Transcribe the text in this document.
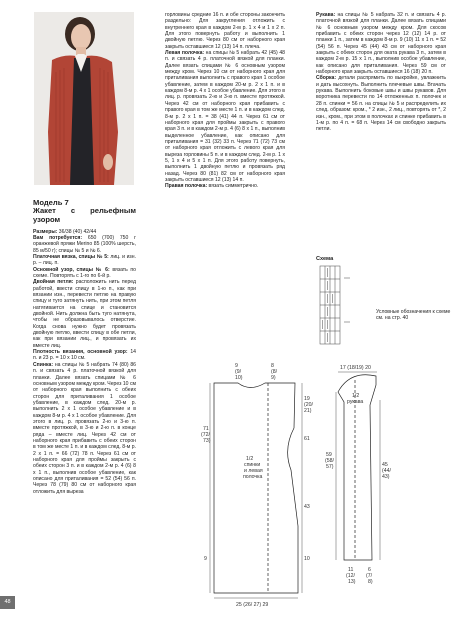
Модель 7
Жакет с рельефным узором

Размеры: 36/38 (40) 42/44

Вам потребуется: 650 (700) 750 г оранжевой пряжи Merino 85 (100% шерсть, 85 м/50 г); спицы № 5 и № 6.

Платочная вязка, спицы № 5: лиц. и изн. р. – лиц. п.

Основной узор, спицы № 6: вязать по схеме. Повторять с 1-го по 6-й р.

Двойная петля: расположить нить перед работой, ввести спицу в 1-ю п., как при вязании изн., перевести петлю на правую спицу и туго затянуть нить, при этом петля натягивается на спице и становится двойной. Нить должна быть туго натянута, чтобы не образовывалось отверстие. Когда снова нужно будет провязать двойную петлю, ввести спицу в обе петли, как при вязании лиц., и провязать их вместе лиц.

Плотность вязания, основной узор: 14 п. и 23 р. = 10 х 10 см.

Спинка: на спицы № 5 набрать 74 (80) 86 п. и связать 4 р. платочной вязкой для планки. Далее вязать спицами № 6 основным узором между кром. Через 10 см от наборного края выполнить с обеих сторон для приталивания 1 особое убавление, в каждом след. 20-м р. выполнить 2 х 1 особое убавление и в каждом 8-м р. 4 х 1 особое убавление. Для этого в лиц. р. провязать 2-ю и 3-ю п. вместе протяжкой, в 3-ю и 2-ю п. в конце ряда – вместе лиц. Через 42 см от наборного края прибавить с обеих сторон в том же месте 1 п. и в каждом след. 8-м р. 2 х 1 п. = 66 (72) 78 п. Через 61 см от наборного края для проймы закрыть с обеих сторон 3 п. и в каждом 2-м р. 4 (6) 8 х 1 п., выполнив особое убавление, как описано для приталивания = 52 (54) 56 п. Через 78 (79) 80 см от наборного края отложить для выреза

горловины средние 16 п. и обе стороны закончить раздельно: Для закругления отложить с внутреннего края в каждом 2-м р. 1 х 4 и 1 х 2 п. Для этого повернуть работу и выполнить 1 двойную петлю. Через 80 см от наборного края закрыть оставшиеся 12 (13) 14 п. плеча.

Левая полочка: на спицы № 5 набрать 42 (45) 48 п. и связать 4 р. платочной вязкой для планки. Далее вязать спицами № 6 основным узором между кром. Через 10 см от наборного края для приталивания выполнить с правого края 1 особое убавление, затем в каждом 20-м р. 2 х 1 п. и в каждом 8-м р. 4 х 1 особое убавление. Для этого в лиц. р. провязать 2-ю и 3-ю п. вместе протяжкой. Через 42 см от наборного края прибавить с правого края в том же месте 1 п. и в каждом след. 8-м р. 2 х 1 п. = 38 (41) 44 п. Через 61 см от наборного края для проймы закрыть с правого края 3 п. и в каждом 2-м р. 4 (6) 8 х 1 п., выполнив выделенное убавление, как описано для приталивания = 31 (32) 33 п. Через 71 (72) 73 см от наборного края отложить с левого края для выреза горловины 5 п. и в каждом след. 2-м р. 1 х 5, 1 х 4 и 5 х 1 п. Для этого работу повернуть, выполнить 1 двойную петлю и провязать ряд назад. Через 80 (81) 82 см от наборного края закрыть оставшиеся 12 (13) 14 п.

Правая полочка: вязать симметрично.

Рукава: на спицы № 5 набрать 32 п. и связать 4 р. платочной вязкой для планки. Далее вязать спицами № 6 основным узором между кром. Для скосов прибавить с обеих сторон через 12 (12) 14 р. от планки 1 п., затем в каждом 8-м р. 9 (10) 11 х 1 п. = 52 (54) 56 п. Через 45 (44) 43 см от наборного края закрыть с обеих сторон для оката рукава 3 п., затем в каждом 2-м р. 15 х 1 п., выполнив особое убавление, как описано для приталивания. Через 59 см от наборного края закрыть оставшиеся 16 (18) 20 п.

Сборка: детали распрямить по выкройке, увлажнить и дать высохнуть. Выполнить плечевые швы. Втачать рукава. Выполнить боковые швы и швы рукавов. Для воротника перевести по 14 отложенных п. полочек и 28 п. спинки = 56 п. на спицы № 5 и распределить их след. образом: кром., * 2 изн., 2 лиц., повторять от *, 2 изн., кром., при этом в полочках и спинке прибавить в 1-м р. по 4 п. = 68 п. Через 14 см свободно закрыть петли.

Схема
Условные обозначения к схеме см. на стр. 40
9
(9/
10)
8
(8/
9)
19
(20/
21)
61
43
10
71
(72/
73)
9
25 (26/ 27) 29
1/2
спинки
и левая
полочка
17 (18/19) 20
1/2
рукава
59
(58/
57)	45
(44/
43)
11
(12/
13)
6
(7/
8)
48
